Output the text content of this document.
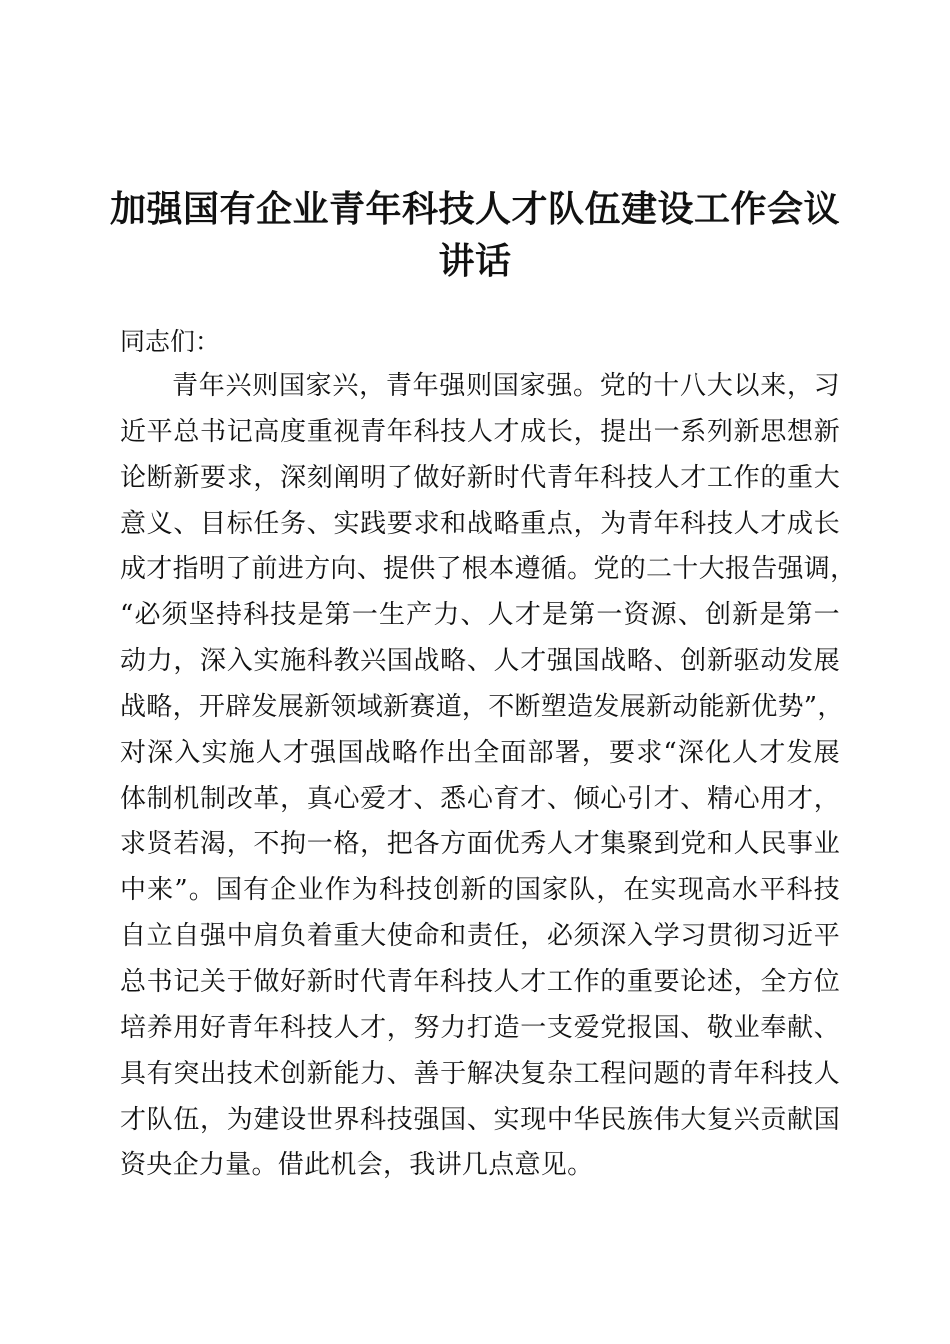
加强国有企业青年科技人才队伍建设工作会议
讲话

同志们：

青年兴则国家兴，青年强则国家强。党的十八大以来，习
近平总书记高度重视青年科技人才成长，提出一系列新思想新
论断新要求，深刻阐明了做好新时代青年科技人才工作的重大
意义、目标任务、实践要求和战略重点，为青年科技人才成长
成才指明了前进方向、提供了根本遵循。党的二十大报告强调，
“必须坚持科技是第一生产力、人才是第一资源、创新是第一
动力，深入实施科教兴国战略、人才强国战略、创新驱动发展
战略，开辟发展新领域新赛道，不断塑造发展新动能新优势”，
对深入实施人才强国战略作出全面部署，要求“深化人才发展
体制机制改革，真心爱才、悉心育才、倾心引才、精心用才，
求贤若渴，不拘一格，把各方面优秀人才集聚到党和人民事业
中来”。国有企业作为科技创新的国家队，在实现高水平科技
自立自强中肩负着重大使命和责任，必须深入学习贯彻习近平
总书记关于做好新时代青年科技人才工作的重要论述，全方位
培养用好青年科技人才，努力打造一支爱党报国、敬业奉献、
具有突出技术创新能力、善于解决复杂工程问题的青年科技人
才队伍，为建设世界科技强国、实现中华民族伟大复兴贡献国
资央企力量。借此机会，我讲几点意见。
